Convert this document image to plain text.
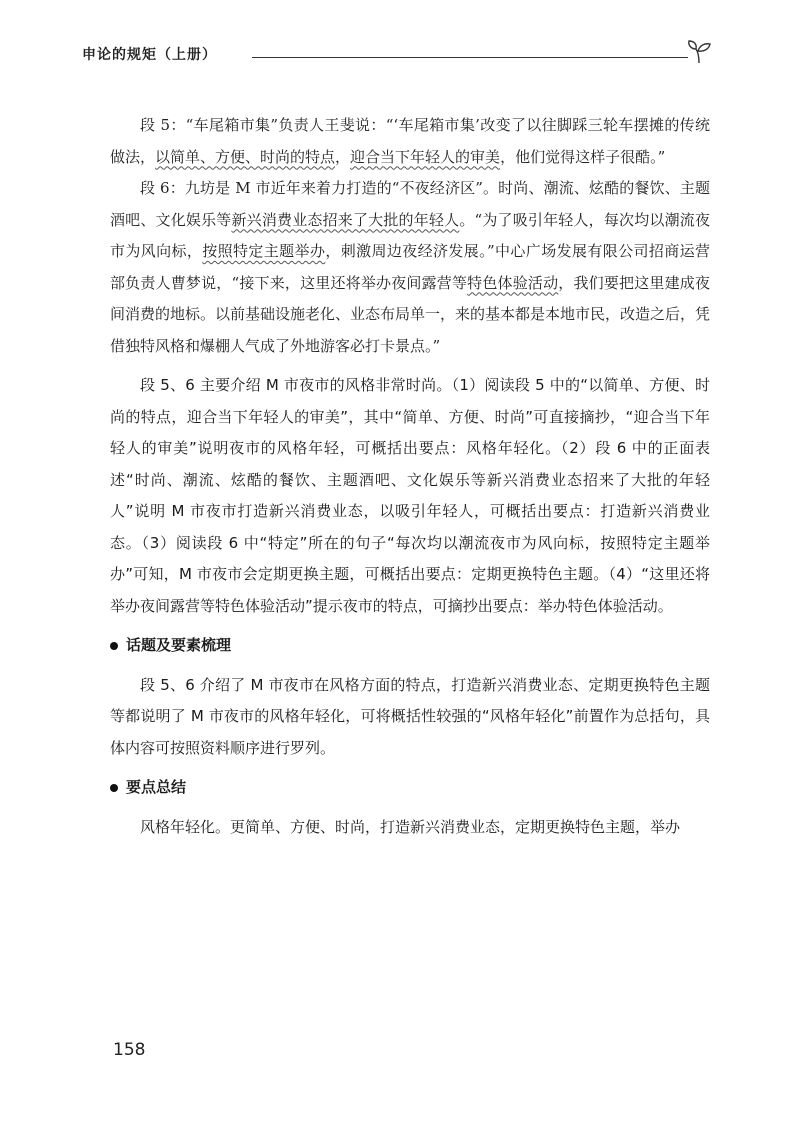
申论的规矩（上册）

段 5：“车尾箱市集”负责人王斐说：“‘车尾箱市集’改变了以往脚踩三轮车摆摊的传统做法，以简单、方便、时尚的特点，迎合当下年轻人的审美，他们觉得这样子很酷。”

段 6：九坊是 M 市近年来着力打造的“不夜经济区”。时尚、潮流、炫酷的餐饮、主题酒吧、文化娱乐等新兴消费业态招来了大批的年轻人。“为了吸引年轻人，每次均以潮流夜市为风向标，按照特定主题举办，刺激周边夜经济发展。”中心广场发展有限公司招商运营部负责人曹梦说，“接下来，这里还将举办夜间露营等特色体验活动，我们要把这里建成夜间消费的地标。以前基础设施老化、业态布局单一，来的基本都是本地市民，改造之后，凭借独特风格和爆棚人气成了外地游客必打卡景点。”

段 5、6 主要介绍 M 市夜市的风格非常时尚。（1）阅读段 5 中的“以简单、方便、时尚的特点，迎合当下年轻人的审美”，其中“简单、方便、时尚”可直接摘抄，“迎合当下年轻人的审美”说明夜市的风格年轻，可概括出要点：风格年轻化。（2）段 6 中的正面表述“时尚、潮流、炫酷的餐饮、主题酒吧、文化娱乐等新兴消费业态招来了大批的年轻人”说明 M 市夜市打造新兴消费业态，以吸引年轻人，可概括出要点：打造新兴消费业态。（3）阅读段 6 中“特定”所在的句子“每次均以潮流夜市为风向标，按照特定主题举办”可知，M 市夜市会定期更换主题，可概括出要点：定期更换特色主题。（4）“这里还将举办夜间露营等特色体验活动”提示夜市的特点，可摘抄出要点：举办特色体验活动。

话题及要素梳理

段 5、6 介绍了 M 市夜市在风格方面的特点，打造新兴消费业态、定期更换特色主题等都说明了 M 市夜市的风格年轻化，可将概括性较强的“风格年轻化”前置作为总括句，具体内容可按照资料顺序进行罗列。

要点总结

风格年轻化。更简单、方便、时尚，打造新兴消费业态，定期更换特色主题，举办

158
